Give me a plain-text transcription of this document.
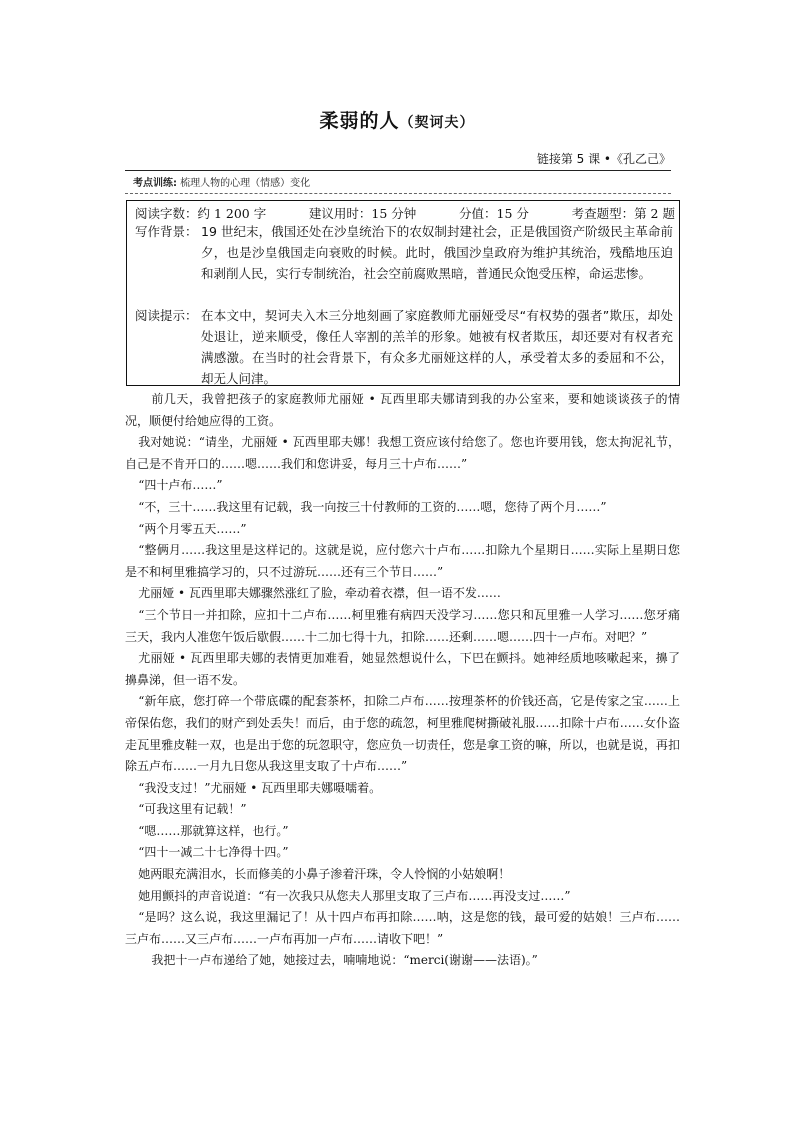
柔弱的人（契诃夫）
链接第 5 课 •《孔乙己》
考点训练: 梳理人物的心理（情感）变化
阅读字数：约 1 200 字	建议用时：15 分钟	分值：15 分	考查题型：第 2 题
写作背景： 19 世纪末，俄国还处在沙皇统治下的农奴制封建社会，正是俄国资产阶级民主革命前夕，也是沙皇俄国走向衰败的时候。此时，俄国沙皇政府为维护其统治，残酷地压迫和剥削人民，实行专制统治，社会空前腐败黑暗，普通民众饱受压榨，命运悲惨。
阅读提示： 在本文中，契诃夫入木三分地刻画了家庭教师尤丽娅受尽“有权势的强者”欺压，却处处退让，逆来顺受，像任人宰割的羔羊的形象。她被有权者欺压，却还要对有权者充满感激。在当时的社会背景下，有众多尤丽娅这样的人，承受着太多的委屈和不公，却无人问津。

前几天，我曾把孩子的家庭教师尤丽娅 • 瓦西里耶夫娜请到我的办公室来，要和她谈谈孩子的情况，顺便付给她应得的工资。

我对她说：“请坐，尤丽娅 • 瓦西里耶夫娜！我想工资应该付给您了。您也许要用钱，您太拘泥礼节，自己是不肯开口的……嗯……我们和您讲妥，每月三十卢布……”

“四十卢布……”

“不，三十……我这里有记载，我一向按三十付教师的工资的……嗯，您待了两个月……”

“两个月零五天……”

“整俩月……我这里是这样记的。这就是说，应付您六十卢布……扣除九个星期日……实际上星期日您是不和柯里雅搞学习的，只不过游玩……还有三个节日……”

尤丽娅 • 瓦西里耶夫娜骤然涨红了脸，牵动着衣襟，但一语不发……

“三个节日一并扣除，应扣十二卢布……柯里雅有病四天没学习……您只和瓦里雅一人学习……您牙痛三天，我内人准您午饭后歇假……十二加七得十九，扣除……还剩……嗯……四十一卢布。对吧？”

尤丽娅 • 瓦西里耶夫娜的表情更加难看，她显然想说什么，下巴在颤抖。她神经质地咳嗽起来，擤了擤鼻涕，但一语不发。

“新年底，您打碎一个带底碟的配套茶杯，扣除二卢布……按理茶杯的价钱还高，它是传家之宝……上帝保佑您，我们的财产到处丢失！而后，由于您的疏忽，柯里雅爬树撕破礼服……扣除十卢布……女仆盗走瓦里雅皮鞋一双，也是出于您的玩忽职守，您应负一切责任，您是拿工资的嘛，所以，也就是说，再扣除五卢布……一月九日您从我这里支取了十卢布……”

“我没支过！”尤丽娅 • 瓦西里耶夫娜嗫嚅着。

“可我这里有记载！”

“嗯……那就算这样，也行。”

“四十一减二十七净得十四。”

她两眼充满泪水，长而修美的小鼻子渗着汗珠，令人怜悯的小姑娘啊！

她用颤抖的声音说道：“有一次我只从您夫人那里支取了三卢布……再没支过……”

“是吗？这么说，我这里漏记了！从十四卢布再扣除……呐，这是您的钱，最可爱的姑娘！三卢布……三卢布……又三卢布……一卢布再加一卢布……请收下吧！”

我把十一卢布递给了她，她接过去，喃喃地说：“merci(谢谢——法语)。”
